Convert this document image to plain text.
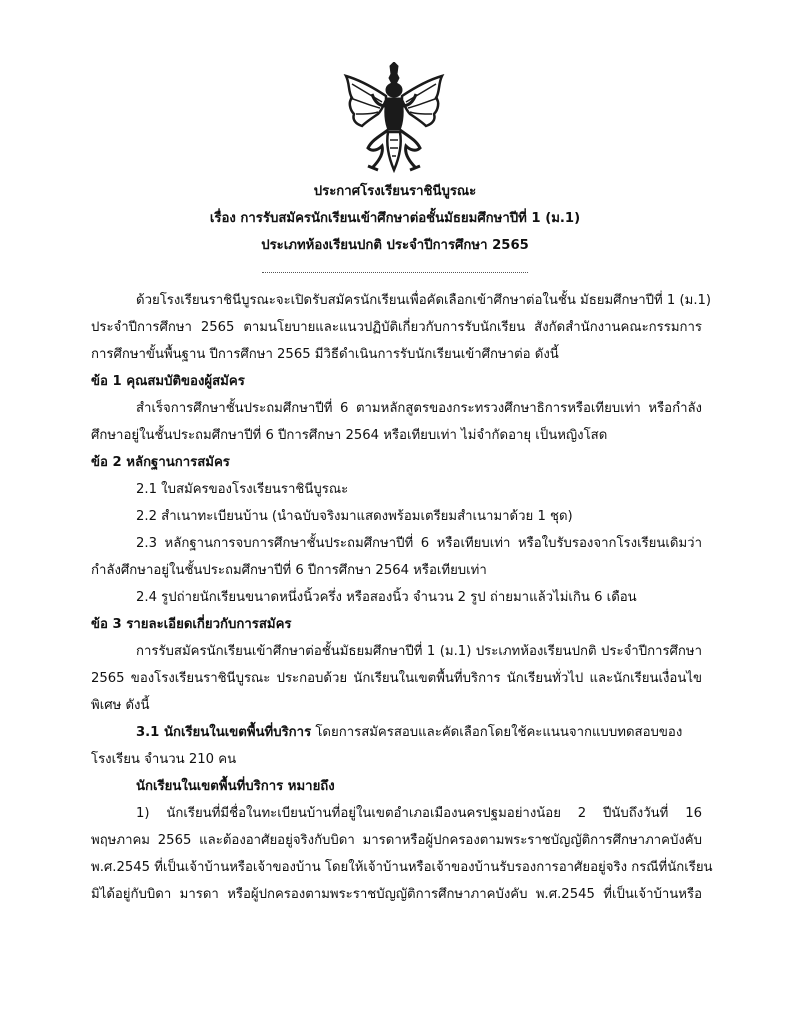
ประกาศโรงเรียนราชินีบูรณะ
เรื่อง การรับสมัครนักเรียนเข้าศึกษาต่อชั้นมัธยมศึกษาปีที่ 1 (ม.1)
ประเภทห้องเรียนปกติ ประจำปีการศึกษา 2565
ด้วยโรงเรียนราชินีบูรณะจะเปิดรับสมัครนักเรียนเพื่อคัดเลือกเข้าศึกษาต่อในชั้น มัธยมศึกษาปีที่ 1 (ม.1)
ประจำปีการศึกษา 2565 ตามนโยบายและแนวปฏิบัติเกี่ยวกับการรับนักเรียน สังกัดสำนักงานคณะกรรมการ
การศึกษาขั้นพื้นฐาน ปีการศึกษา 2565 มีวิธีดำเนินการรับนักเรียนเข้าศึกษาต่อ ดังนี้
ข้อ 1 คุณสมบัติของผู้สมัคร
สำเร็จการศึกษาชั้นประถมศึกษาปีที่ 6 ตามหลักสูตรของกระทรวงศึกษาธิการหรือเทียบเท่า หรือกำลัง
ศึกษาอยู่ในชั้นประถมศึกษาปีที่ 6 ปีการศึกษา 2564 หรือเทียบเท่า ไม่จำกัดอายุ เป็นหญิงโสด
ข้อ 2 หลักฐานการสมัคร
2.1 ใบสมัครของโรงเรียนราชินีบูรณะ
2.2 สำเนาทะเบียนบ้าน (นำฉบับจริงมาแสดงพร้อมเตรียมสำเนามาด้วย 1 ชุด)
2.3 หลักฐานการจบการศึกษาชั้นประถมศึกษาปีที่ 6 หรือเทียบเท่า หรือใบรับรองจากโรงเรียนเดิมว่า
กำลังศึกษาอยู่ในชั้นประถมศึกษาปีที่ 6 ปีการศึกษา 2564 หรือเทียบเท่า
2.4 รูปถ่ายนักเรียนขนาดหนึ่งนิ้วครึ่ง หรือสองนิ้ว จำนวน 2 รูป ถ่ายมาแล้วไม่เกิน 6 เดือน
ข้อ 3 รายละเอียดเกี่ยวกับการสมัคร
การรับสมัครนักเรียนเข้าศึกษาต่อชั้นมัธยมศึกษาปีที่ 1 (ม.1) ประเภทห้องเรียนปกติ ประจำปีการศึกษา
2565 ของโรงเรียนราชินีบูรณะ ประกอบด้วย นักเรียนในเขตพื้นที่บริการ นักเรียนทั่วไป และนักเรียนเงื่อนไข
พิเศษ ดังนี้
3.1 นักเรียนในเขตพื้นที่บริการ โดยการสมัครสอบและคัดเลือกโดยใช้คะแนนจากแบบทดสอบของ
โรงเรียน จำนวน 210 คน
นักเรียนในเขตพื้นที่บริการ หมายถึง
1) นักเรียนที่มีชื่อในทะเบียนบ้านที่อยู่ในเขตอำเภอเมืองนครปฐมอย่างน้อย 2 ปีนับถึงวันที่ 16
พฤษภาคม 2565 และต้องอาศัยอยู่จริงกับบิดา มารดาหรือผู้ปกครองตามพระราชบัญญัติการศึกษาภาคบังคับ
พ.ศ.2545 ที่เป็นเจ้าบ้านหรือเจ้าของบ้าน โดยให้เจ้าบ้านหรือเจ้าของบ้านรับรองการอาศัยอยู่จริง กรณีที่นักเรียน
มิได้อยู่กับบิดา มารดา หรือผู้ปกครองตามพระราชบัญญัติการศึกษาภาคบังคับ พ.ศ.2545 ที่เป็นเจ้าบ้านหรือ
